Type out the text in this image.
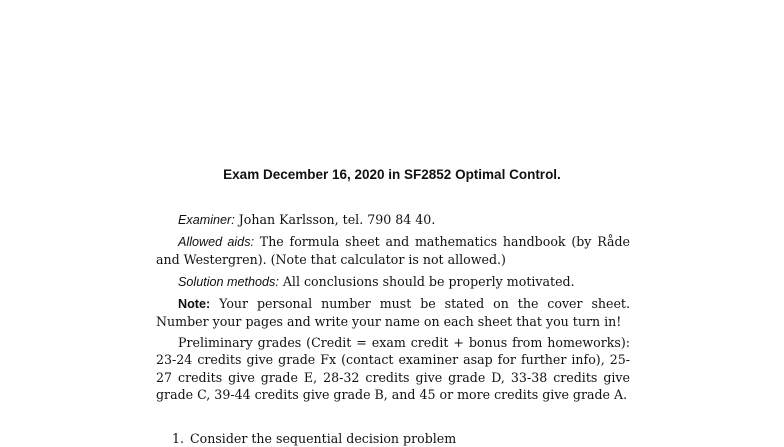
Exam December 16, 2020 in SF2852 Optimal Control.

Examiner: Johan Karlsson, tel. 790 84 40.

Allowed aids: The formula sheet and mathematics handbook (by Råde and Westergren). (Note that calculator is not allowed.)

Solution methods: All conclusions should be properly motivated.

Note: Your personal number must be stated on the cover sheet. Number your pages and write your name on each sheet that you turn in!

Preliminary grades (Credit = exam credit + bonus from homeworks): 23-24 credits give grade Fx (contact examiner asap for further info), 25-27 credits give grade E, 28-32 credits give grade D, 33-38 credits give grade C, 39-44 credits give grade B, and 45 or more credits give grade A.

1. Consider the sequential decision problem
